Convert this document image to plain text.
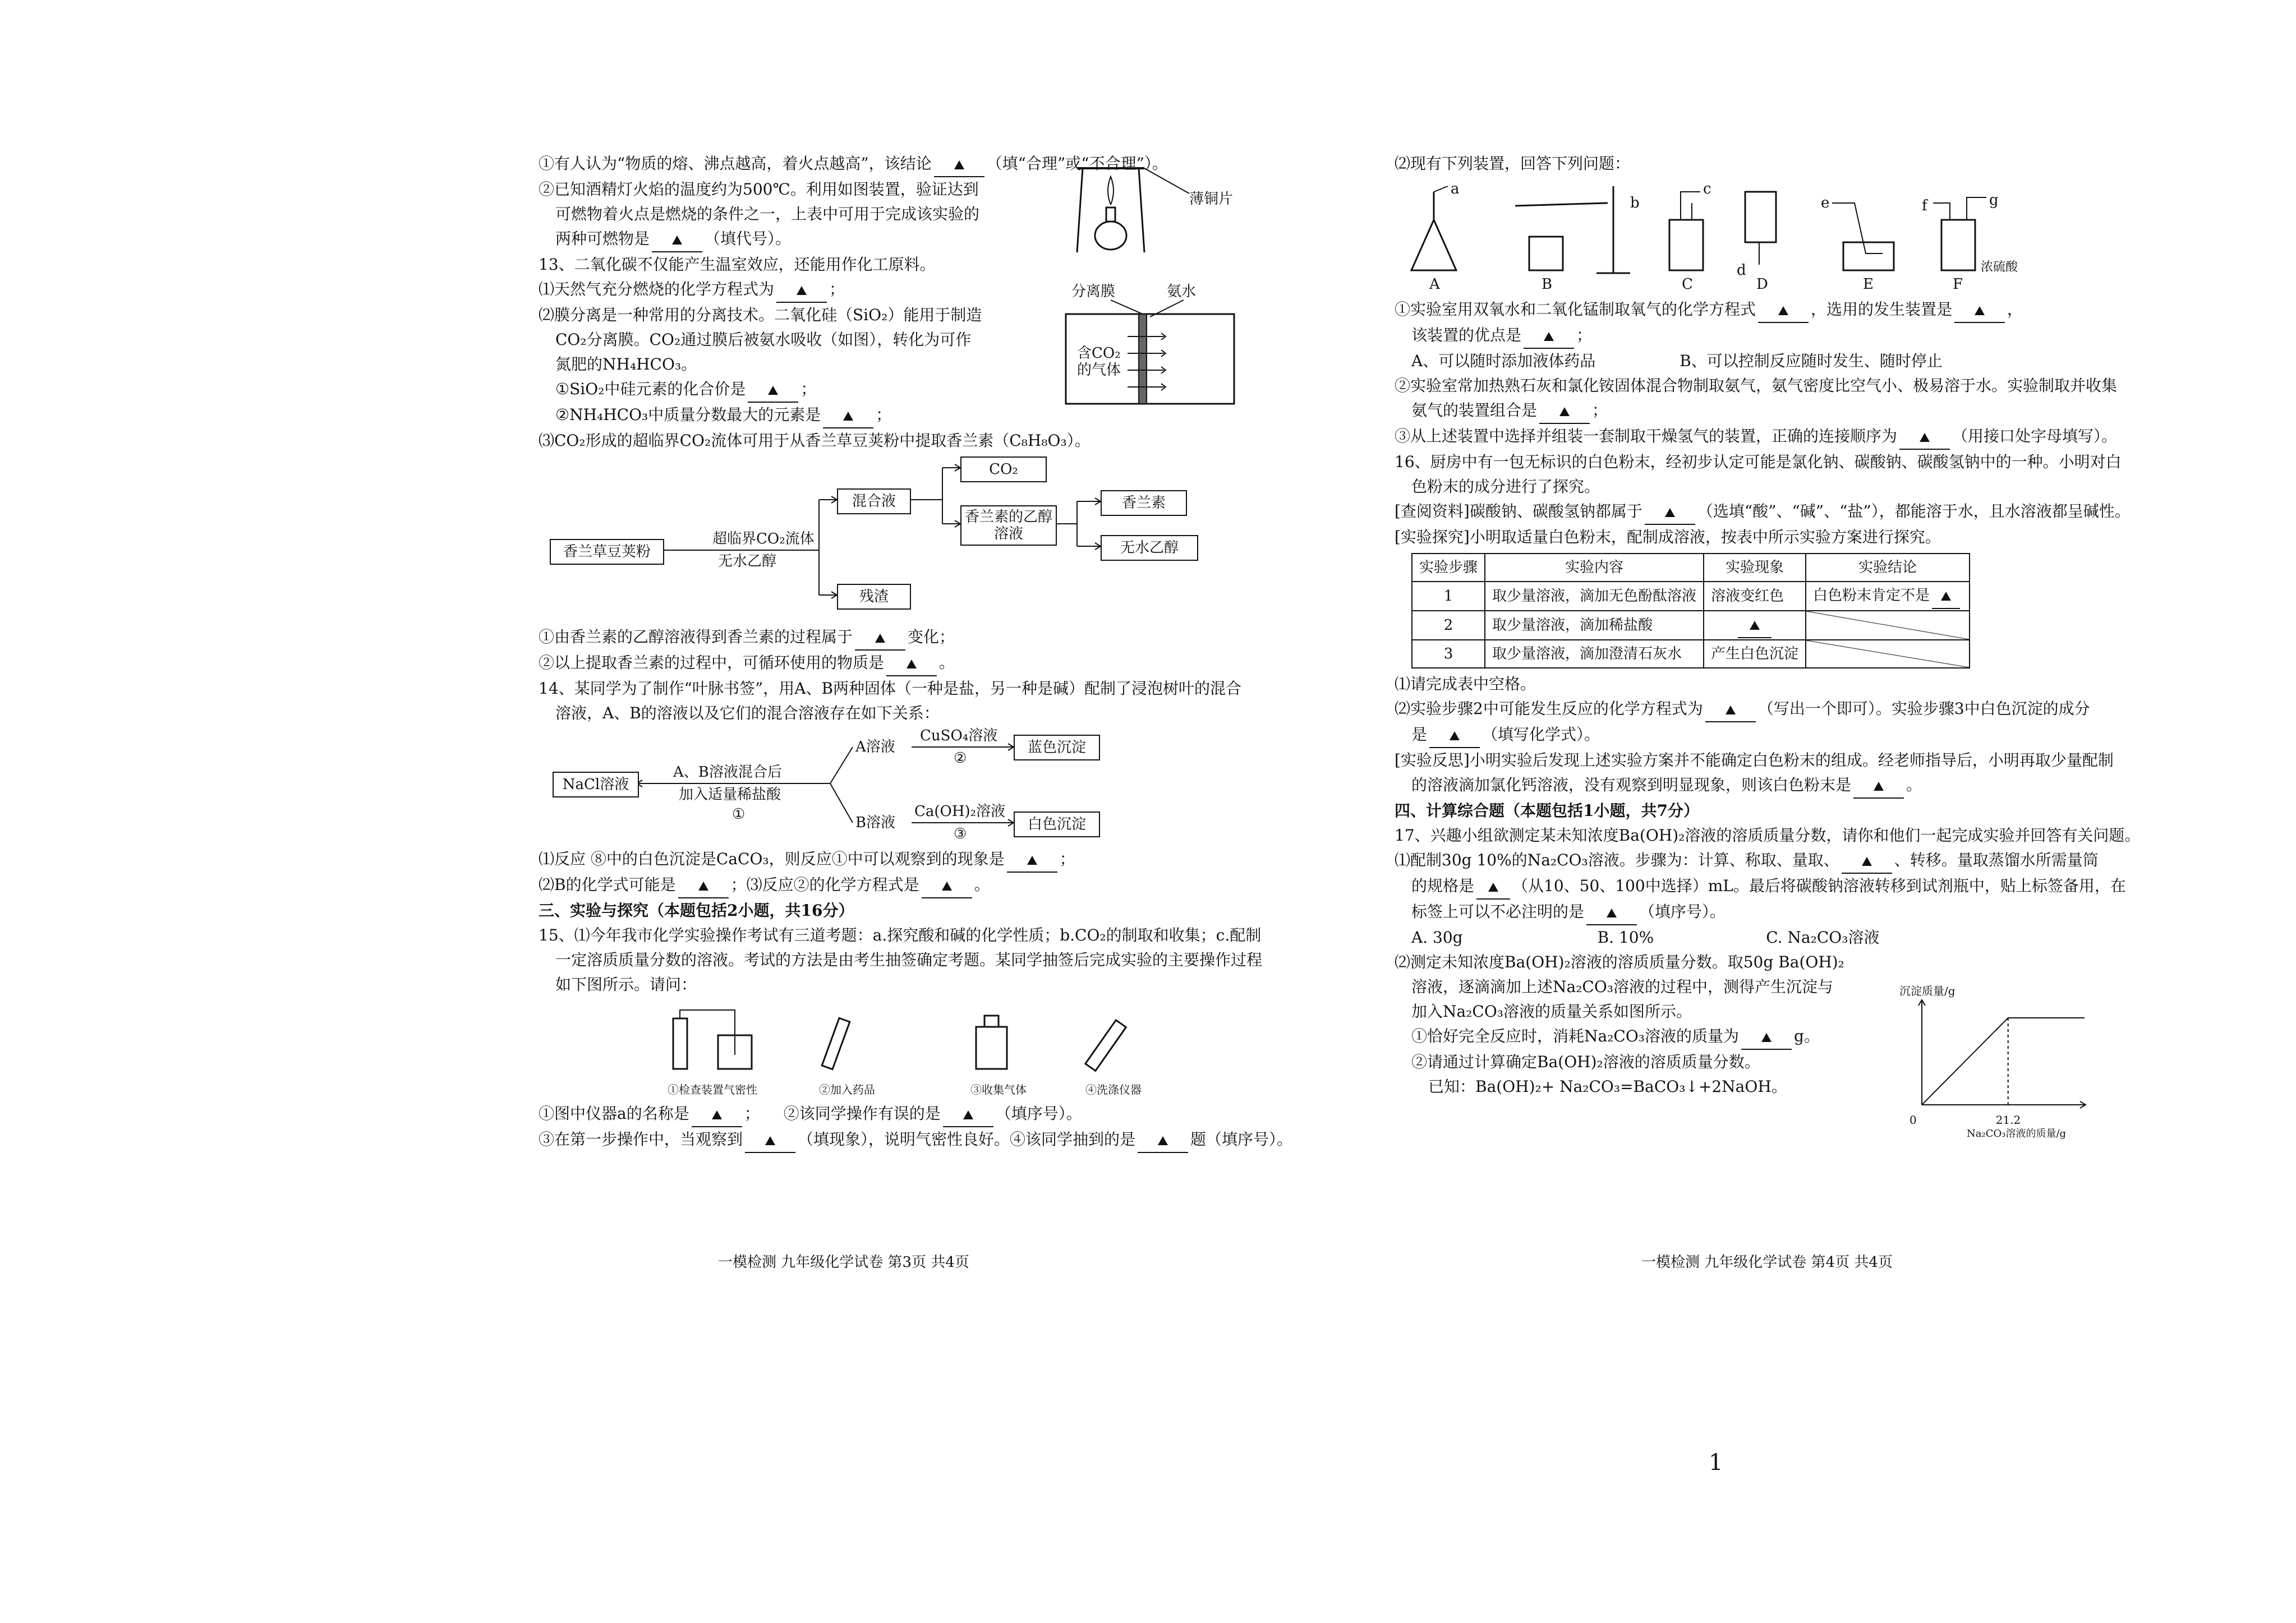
①有人认为“物质的熔、沸点越高，着火点越高”，该结论	（填“合理”或“不合理”）。
②已知酒精灯火焰的温度约为500℃。利用如图装置，验证达到
可燃物着火点是燃烧的条件之一，上表中可用于完成该实验的
两种可燃物是	（填代号）。
薄铜片
13、二氧化碳不仅能产生温室效应，还能用作化工原料。
⑴天然气充分燃烧的化学方程式为	；
⑵膜分离是一种常用的分离技术。二氧化硅（SiO₂）能用于制造
CO₂分离膜。CO₂通过膜后被氨水吸收（如图），转化为可作
氮肥的NH₄HCO₃。
①SiO₂中硅元素的化合价是	；
②NH₄HCO₃中质量分数最大的元素是	；
分离膜	氨水
含CO₂的气体
⑶CO₂形成的超临界CO₂流体可用于从香兰草豆荚粉中提取香兰素（C₈H₈O₃）。
香兰草豆荚粉
超临界CO₂流体
无水乙醇
混合液
残渣
CO₂
香兰素的乙醇溶液
香兰素
无水乙醇
①由香兰素的乙醇溶液得到香兰素的过程属于	变化；
②以上提取香兰素的过程中，可循环使用的物质是	。
14、某同学为了制作“叶脉书签”，用A、B两种固体（一种是盐，另一种是碱）配制了浸泡树叶的混合
溶液，A、B的溶液以及它们的混合溶液存在如下关系：
NaCl溶液
A、B溶液混合后
加入适量稀盐酸
①
A溶液
CuSO₄溶液
②
蓝色沉淀
B溶液
Ca(OH)₂溶液
③
白色沉淀
⑴反应 ⑧中的白色沉淀是CaCO₃，则反应①中可以观察到的现象是	；
⑵B的化学式可能是	；⑶反应②的化学方程式是	。
三、实验与探究（本题包括2小题，共16分）
15、⑴今年我市化学实验操作考试有三道考题：a.探究酸和碱的化学性质；b.CO₂的制取和收集；c.配制
一定溶质质量分数的溶液。考试的方法是由考生抽签确定考题。某同学抽签后完成实验的主要操作过程
如下图所示。请问：
①检查装置气密性	②加入药品	③收集气体	④洗涤仪器
①图中仪器a的名称是	；　　②该同学操作有误的是	（填序号）。
③在第一步操作中，当观察到	（填现象），说明气密性良好。④该同学抽到的是	题（填序号）。
一模检测 九年级化学试卷 第3页 共4页
⑵现有下列装置，回答下列问题：
a
b
c
d
e	f	g
浓硫酸
A	B	C	D	E	F
①实验室用双氧水和二氧化锰制取氧气的化学方程式	，选用的发生装置是	，
该装置的优点是	；
A、可以随时添加液体药品	B、可以控制反应随时发生、随时停止
②实验室常加热熟石灰和氯化铵固体混合物制取氨气，氨气密度比空气小、极易溶于水。实验制取并收集
氨气的装置组合是	；
③从上述装置中选择并组装一套制取干燥氢气的装置，正确的连接顺序为	（用接口处字母填写）。
16、厨房中有一包无标识的白色粉末，经初步认定可能是氯化钠、碳酸钠、碳酸氢钠中的一种。小明对白
色粉末的成分进行了探究。
[查阅资料]碳酸钠、碳酸氢钠都属于	（选填“酸”、“碱”、“盐”），都能溶于水，且水溶液都呈碱性。
[实验探究]小明取适量白色粉末，配制成溶液，按表中所示实验方案进行探究。
实验步骤	实验内容	实验现象	实验结论
1	取少量溶液，滴加无色酚酞溶液	溶液变红色	白色粉末肯定不是
2	取少量溶液，滴加稀盐酸		
3	取少量溶液，滴加澄清石灰水	产生白色沉淀	
⑴请完成表中空格。
⑵实验步骤2中可能发生反应的化学方程式为	（写出一个即可）。实验步骤3中白色沉淀的成分
是	（填写化学式）。
[实验反思]小明实验后发现上述实验方案并不能确定白色粉末的组成。经老师指导后，小明再取少量配制
的溶液滴加氯化钙溶液，没有观察到明显现象，则该白色粉末是	。
四、计算综合题（本题包括1小题，共7分）
17、兴趣小组欲测定某未知浓度Ba(OH)₂溶液的溶质质量分数，请你和他们一起完成实验并回答有关问题。
⑴配制30g 10%的Na₂CO₃溶液。步骤为：计算、称取、量取、	、转移。量取蒸馏水所需量筒
的规格是 （从10、50、100中选择）mL。最后将碳酸钠溶液转移到试剂瓶中，贴上标签备用，在
标签上可以不必注明的是	（填序号）。
A. 30g	B. 10%	C. Na₂CO₃溶液
⑵测定未知浓度Ba(OH)₂溶液的溶质质量分数。取50g Ba(OH)₂
溶液，逐滴滴加上述Na₂CO₃溶液的过程中，测得产生沉淀与
加入Na₂CO₃溶液的质量关系如图所示。
①恰好完全反应时，消耗Na₂CO₃溶液的质量为	g。
②请通过计算确定Ba(OH)₂溶液的溶质质量分数。
已知：Ba(OH)₂+ Na₂CO₃=BaCO₃↓+2NaOH。
沉淀质量/g
0	21.2
Na₂CO₃溶液的质量/g
一模检测 九年级化学试卷 第4页 共4页
1
